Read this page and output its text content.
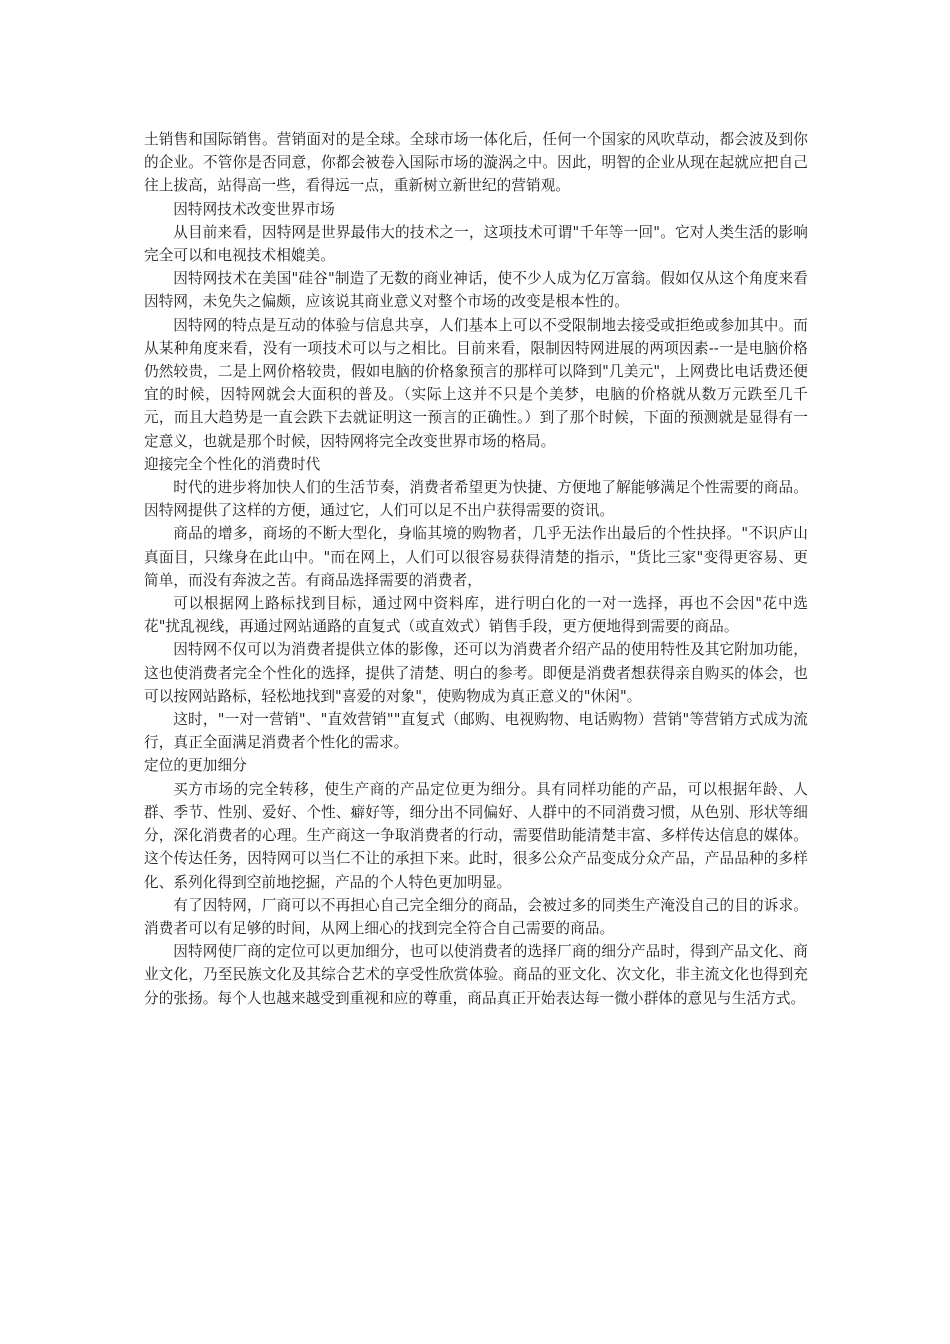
土销售和国际销售。营销面对的是全球。全球市场一体化后，任何一个国家的风吹草动，都会波及到你的企业。不管你是否同意，你都会被卷入国际市场的漩涡之中。因此，明智的企业从现在起就应把自己往上拔高，站得高一些，看得远一点，重新树立新世纪的营销观。

因特网技术改变世界市场

从目前来看，因特网是世界最伟大的技术之一，这项技术可谓"千年等一回"。它对人类生活的影响完全可以和电视技术相媲美。

因特网技术在美国"硅谷"制造了无数的商业神话，使不少人成为亿万富翁。假如仅从这个角度来看因特网，未免失之偏颇，应该说其商业意义对整个市场的改变是根本性的。

因特网的特点是互动的体验与信息共享，人们基本上可以不受限制地去接受或拒绝或参加其中。而从某种角度来看，没有一项技术可以与之相比。目前来看，限制因特网进展的两项因素--一是电脑价格仍然较贵，二是上网价格较贵，假如电脑的价格象预言的那样可以降到"几美元"，上网费比电话费还便宜的时候，因特网就会大面积的普及。（实际上这并不只是个美梦，电脑的价格就从数万元跌至几千元，而且大趋势是一直会跌下去就证明这一预言的正确性。）到了那个时候，下面的预测就是显得有一定意义，也就是那个时候，因特网将完全改变世界市场的格局。

迎接完全个性化的消费时代

时代的进步将加快人们的生活节奏，消费者希望更为快捷、方便地了解能够满足个性需要的商品。因特网提供了这样的方便，通过它，人们可以足不出户获得需要的资讯。

商品的增多，商场的不断大型化，身临其境的购物者，几乎无法作出最后的个性抉择。"不识庐山真面目，只缘身在此山中。"而在网上，人们可以很容易获得清楚的指示，"货比三家"变得更容易、更简单，而没有奔波之苦。有商品选择需要的消费者，

可以根据网上路标找到目标，通过网中资料库，进行明白化的一对一选择，再也不会因"花中选花"扰乱视线，再通过网站通路的直复式（或直效式）销售手段，更方便地得到需要的商品。

因特网不仅可以为消费者提供立体的影像，还可以为消费者介绍产品的使用特性及其它附加功能，这也使消费者完全个性化的选择，提供了清楚、明白的参考。即便是消费者想获得亲自购买的体会，也可以按网站路标，轻松地找到"喜爱的对象"，使购物成为真正意义的"休闲"。

这时，"一对一营销"、"直效营销""直复式（邮购、电视购物、电话购物）营销"等营销方式成为流行，真正全面满足消费者个性化的需求。

定位的更加细分

买方市场的完全转移，使生产商的产品定位更为细分。具有同样功能的产品，可以根据年龄、人群、季节、性别、爱好、个性、癖好等，细分出不同偏好、人群中的不同消费习惯，从色别、形状等细分，深化消费者的心理。生产商这一争取消费者的行动，需要借助能清楚丰富、多样传达信息的媒体。这个传达任务，因特网可以当仁不让的承担下来。此时，很多公众产品变成分众产品，产品品种的多样化、系列化得到空前地挖掘，产品的个人特色更加明显。

有了因特网，厂商可以不再担心自己完全细分的商品，会被过多的同类生产淹没自己的目的诉求。消费者可以有足够的时间，从网上细心的找到完全符合自己需要的商品。

因特网使厂商的定位可以更加细分，也可以使消费者的选择厂商的细分产品时，得到产品文化、商业文化，乃至民族文化及其综合艺术的享受性欣赏体验。商品的亚文化、次文化，非主流文化也得到充分的张扬。每个人也越来越受到重视和应的尊重，商品真正开始表达每一微小群体的意见与生活方式。
